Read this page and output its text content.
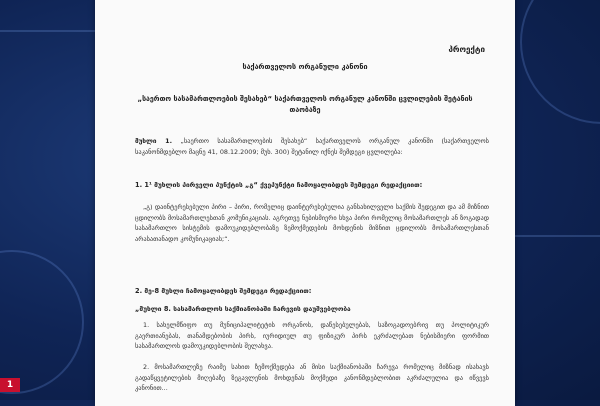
პროექტი
საქართველოს ორგანული კანონი
„საერთო სასამართლოების შესახებ“ საქართველოს ორგანულ კანონში ცვლილების შეტანის თაობაზე
მუხლი 1. „საერთო სასამართლოების შესახებ“ საქართველოს ორგანულ კანონში (საქართველოს საკანონმდებლო მაცნე 41, 08.12.2009; მუხ. 300) შეტანილ იქნეს შემდეგი ცვლილება:
1. 1¹ მუხლის პირველი პუნქტის „გ“ ქვეპუნქტი ჩამოყალიბდეს შემდეგი რედაქციით:
„გ) დაინტერესებული პირი – პირი, რომელიც დაინტერესებულია განსახილველი საქმის შედეგით და ამ მიზნით ცდილობს მოსამართლესთან კომუნიკაციას. აგრეთვე ნებისმიერი სხვა პირი რომელიც მოსამართლეს ან ზოგადად სასამართლო სისტემის დამოუკიდებლობაზე ზემოქმედების მოხდენის მიზნით ცდილობს მოსამართლესთან არასათანადო კომუნიკაციას;“.
2. მე-8 მუხლი ჩამოყალიბდეს შემდეგი რედაქციით:
„მუხლი 8. სასამართლოს საქმიანობაში ჩარევის დაუშვებლობა
1. სახელმწიფო თუ მუნიციპალიტეტის ორგანოს, დაწესებულებას, საზოგადოებრივ თუ პოლიტიკურ გაერთიანებას, თანამდებობის პირს, იურიდიულ თუ ფიზიკურ პირს ეკრძალებათ ნებისმიერი ფორმით სასამართლოს დამოუკიდებლობის შელახვა.
2. მოსამართლეზე რაიმე სახით ზემოქმედება ან მისი საქმიანობაში ჩარევა რომელიც მიზნად ისახავს გადაწყვეტილების მიღებაზე ზეგავლენის მოხდენას მოქმედი კანონმდებლობით აკრძალულია და იწვევს კანონით...
1
